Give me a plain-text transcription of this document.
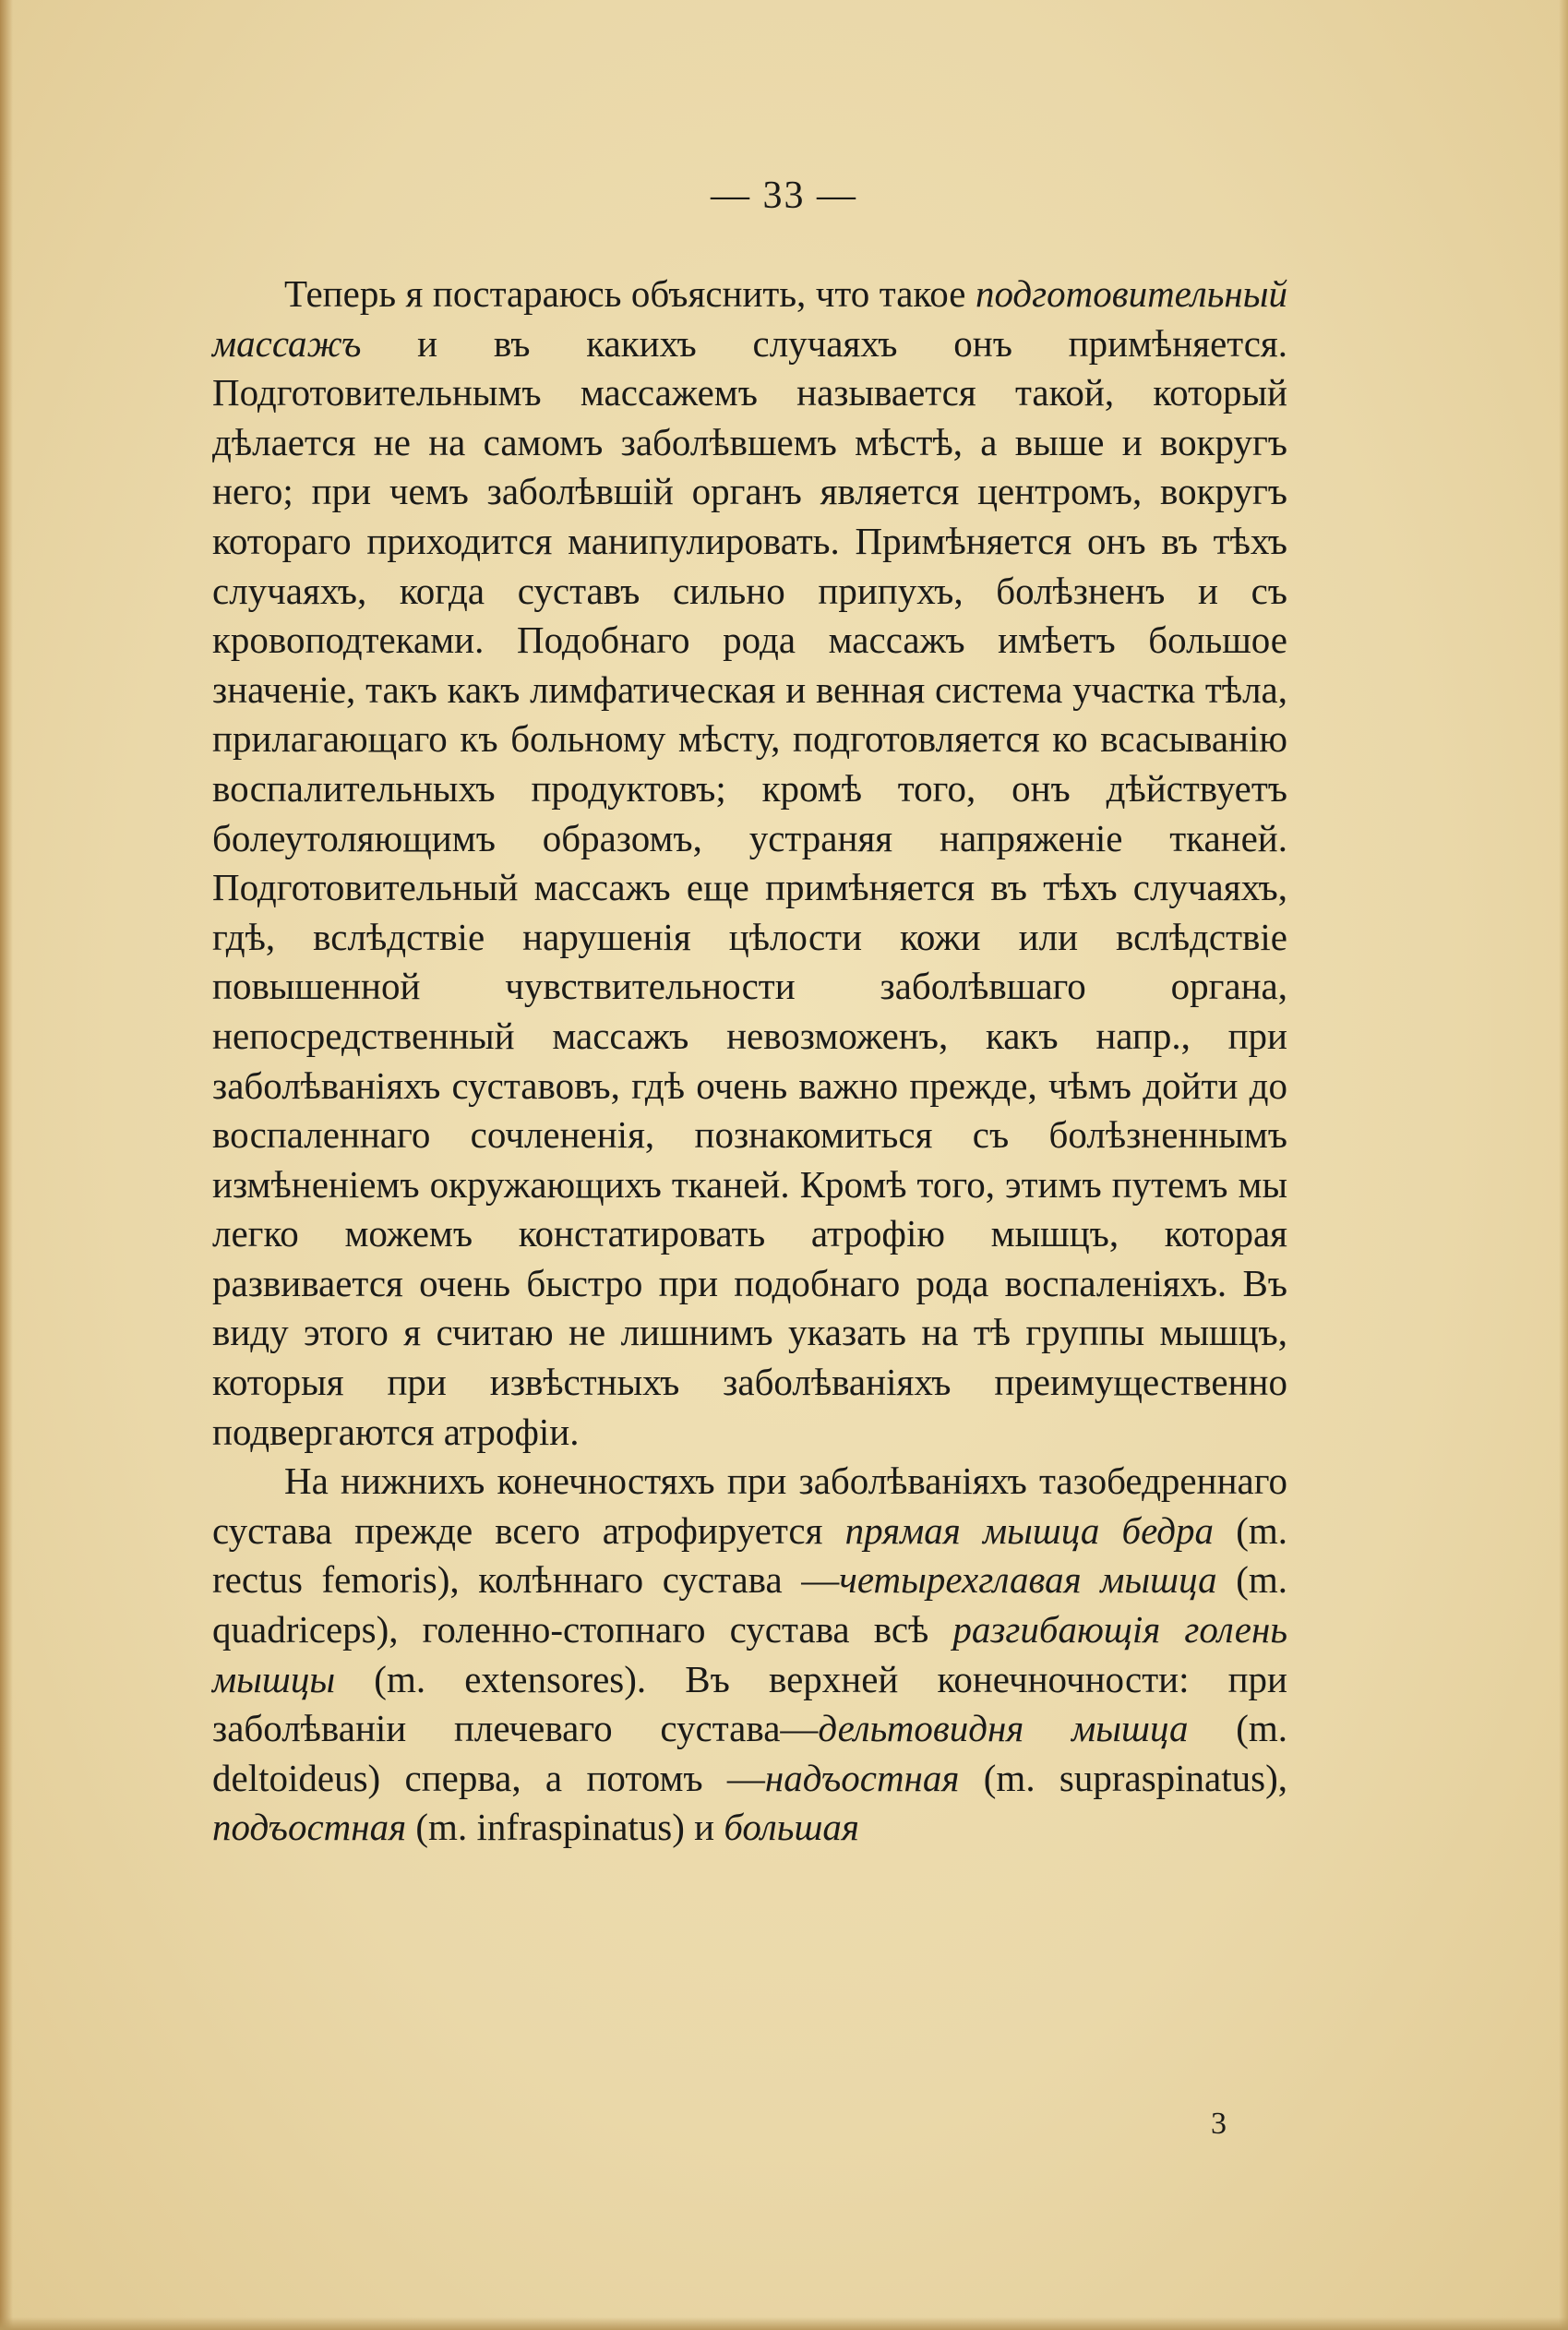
— 33 —

Теперь я постараюсь объяснить, что такое подготовительный массажъ и въ какихъ случаяхъ онъ примѣняется. Подготовительнымъ массажемъ называется такой, который дѣлается не на самомъ заболѣвшемъ мѣстѣ, а выше и вокругъ него; при чемъ заболѣвшій органъ является центромъ, вокругъ котораго приходится манипулировать. Примѣняется онъ въ тѣхъ случаяхъ, когда суставъ сильно припухъ, болѣзненъ и съ кровоподтеками. Подобнаго рода массажъ имѣетъ большое значеніе, такъ какъ лимфатическая и венная система участка тѣла, прилагающаго къ больному мѣсту, подготовляется ко всасыванію воспалительныхъ продуктовъ; кромѣ того, онъ дѣйствуетъ болеутоляющимъ образомъ, устраняя напряженіе тканей. Подготовительный массажъ еще примѣняется въ тѣхъ случаяхъ, гдѣ, вслѣдствіе нарушенія цѣлости кожи или вслѣдствіе повышенной чувствительности заболѣвшаго органа, непосредственный массажъ невозможенъ, какъ напр., при заболѣваніяхъ суставовъ, гдѣ очень важно прежде, чѣмъ дойти до воспаленнаго сочлененія, познакомиться съ болѣзненнымъ измѣненіемъ окружающихъ тканей. Кромѣ того, этимъ путемъ мы легко можемъ констатировать атрофію мышцъ, которая развивается очень быстро при подобнаго рода воспаленіяхъ. Въ виду этого я считаю не лишнимъ указать на тѣ группы мышцъ, которыя при извѣстныхъ заболѣваніяхъ преимущественно подвергаются атрофіи.

На нижнихъ конечностяхъ при заболѣваніяхъ тазобедреннаго сустава прежде всего атрофируется прямая мышца бедра (m. rectus femoris), колѣннаго сустава —четырехглавая мышца (m. quadriceps), голенно-стопнаго сустава всѣ разгибающія голень мышцы (m. extensores). Въ верхней конечночности: при заболѣваніи плечеваго сустава—дельтовидня мышца (m. deltoideus) сперва, а потомъ —надъостная (m. supraspinatus), подъостная (m. infraspinatus) и большая

3
